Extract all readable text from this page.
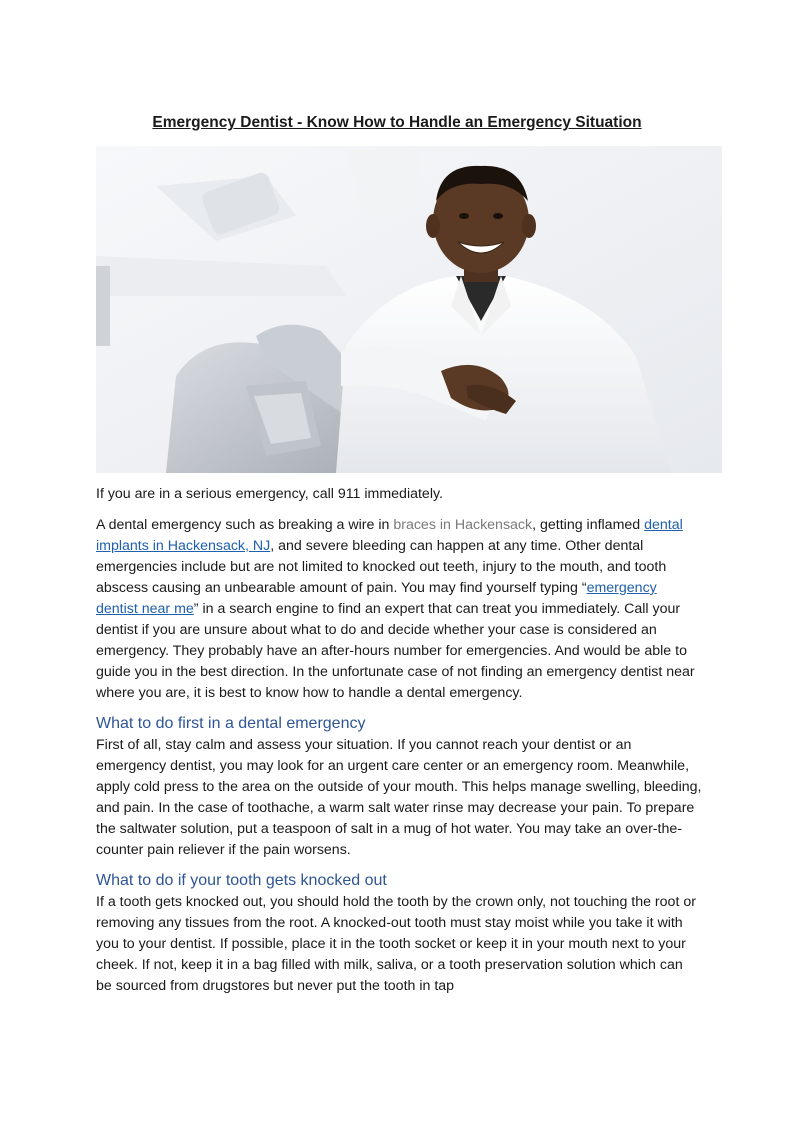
Emergency Dentist - Know How to Handle an Emergency Situation

If you are in a serious emergency, call 911 immediately.

A dental emergency such as breaking a wire in braces in Hackensack, getting inflamed dental implants in Hackensack, NJ, and severe bleeding can happen at any time. Other dental emergencies include but are not limited to knocked out teeth, injury to the mouth, and tooth abscess causing an unbearable amount of pain. You may find yourself typing “emergency dentist near me” in a search engine to find an expert that can treat you immediately. Call your dentist if you are unsure about what to do and decide whether your case is considered an emergency. They probably have an after-hours number for emergencies. And would be able to guide you in the best direction. In the unfortunate case of not finding an emergency dentist near where you are, it is best to know how to handle a dental emergency.

What to do first in a dental emergency

First of all, stay calm and assess your situation. If you cannot reach your dentist or an emergency dentist, you may look for an urgent care center or an emergency room. Meanwhile, apply cold press to the area on the outside of your mouth. This helps manage swelling, bleeding, and pain. In the case of toothache, a warm salt water rinse may decrease your pain. To prepare the saltwater solution, put a teaspoon of salt in a mug of hot water. You may take an over-the-counter pain reliever if the pain worsens.

What to do if your tooth gets knocked out

If a tooth gets knocked out, you should hold the tooth by the crown only, not touching the root or removing any tissues from the root. A knocked-out tooth must stay moist while you take it with you to your dentist. If possible, place it in the tooth socket or keep it in your mouth next to your cheek. If not, keep it in a bag filled with milk, saliva, or a tooth preservation solution which can be sourced from drugstores but never put the tooth in tap
